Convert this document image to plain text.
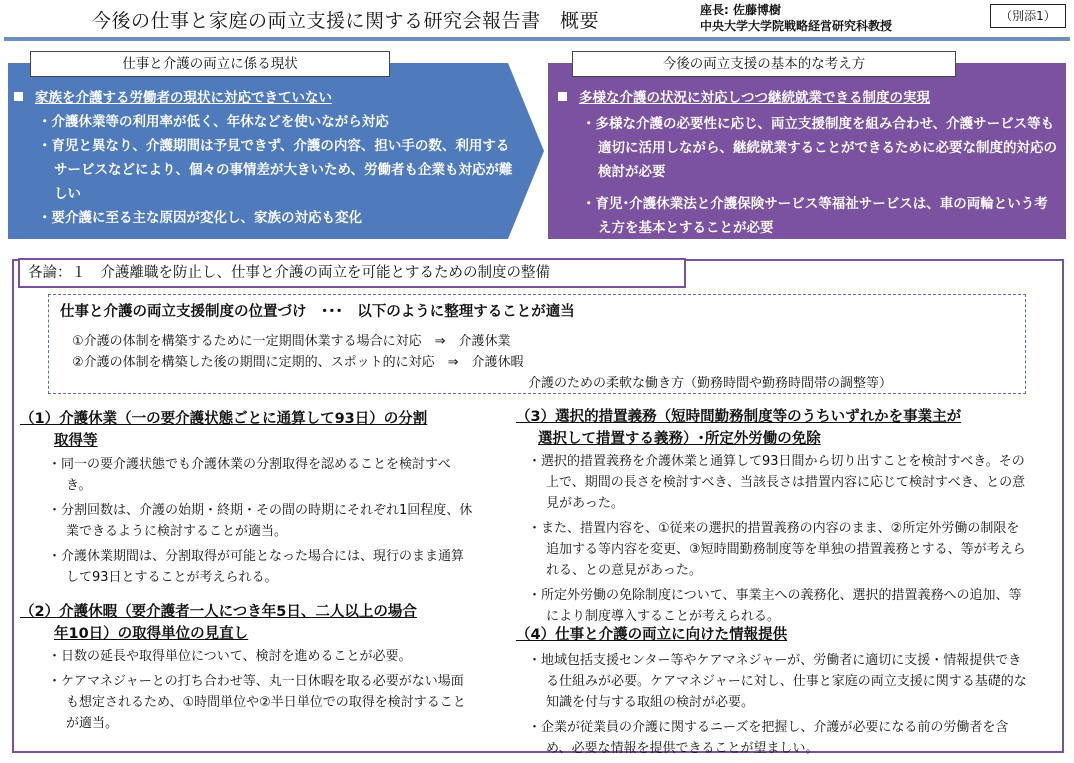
今後の仕事と家庭の両立支援に関する研究会報告書　概要	座長: 佐藤博樹
中央大学大学院戦略経営研究科教授
（別添1）
仕事と介護の両立に係る現状
家族を介護する労働者の現状に対応できていない
・ 介護休業等の利用率が低く、年休などを使いながら対応
・ 育児と異なり、介護期間は予見できず、介護の内容、担い手の数、利用するサービスなどにより、個々の事情差が大きいため、労働者も企業も対応が難しい
・ 要介護に至る主な原因が変化し、家族の対応も変化
今後の両立支援の基本的な考え方
多様な介護の状況に対応しつつ継続就業できる制度の実現
・ 多様な介護の必要性に応じ、両立支援制度を組み合わせ、介護サービス等も適切に活用しながら、継続就業することができるために必要な制度的対応の検討が必要
・ 育児･介護休業法と介護保険サービス等福祉サービスは、車の両輪という考え方を基本とすることが必要
各論：１　介護離職を防止し、仕事と介護の両立を可能とするための制度の整備
仕事と介護の両立支援制度の位置づけ　･･･　以下のように整理することが適当
①介護の体制を構築するために一定期間休業する場合に対応　⇒　介護休業
②介護の体制を構築した後の期間に定期的、スポット的に対応　⇒　介護休暇
介護のための柔軟な働き方（勤務時間や勤務時間帯の調整等）
（1）介護休業（一の要介護状態ごとに通算して93日）の分割
取得等

・ 同一の要介護状態でも介護休業の分割取得を認めることを検討すべき。

・ 分割回数は、介護の始期・終期・その間の時期にそれぞれ1回程度、休業できるように検討することが適当。

・ 介護休業期間は、分割取得が可能となった場合には、現行のまま通算して93日とすることが考えられる。

（2）介護休暇（要介護者一人につき年5日、二人以上の場合
年10日）の取得単位の見直し

・ 日数の延長や取得単位について、検討を進めることが必要。

・ ケアマネジャーとの打ち合わせ等、丸一日休暇を取る必要がない場面も想定されるため、①時間単位や②半日単位での取得を検討することが適当。

（3）選択的措置義務（短時間勤務制度等のうちいずれかを事業主が
選択して措置する義務）･所定外労働の免除

・ 選択的措置義務を介護休業と通算して93日間から切り出すことを検討すべき。その上で、期間の長さを検討すべき、当該長さは措置内容に応じて検討すべき、との意見があった。

・ また、措置内容を、①従来の選択的措置義務の内容のまま、②所定外労働の制限を追加する等内容を変更、③短時間勤務制度等を単独の措置義務とする、等が考えられる、との意見があった。

・ 所定外労働の免除制度について、事業主への義務化、選択的措置義務への追加、等により制度導入することが考えられる。

（4）仕事と介護の両立に向けた情報提供

・ 地域包括支援センター等やケアマネジャーが、労働者に適切に支援・情報提供できる仕組みが必要。ケアマネジャーに対し、仕事と家庭の両立支援に関する基礎的な知識を付与する取組の検討が必要。

・ 企業が従業員の介護に関するニーズを把握し、介護が必要になる前の労働者を含め、必要な情報を提供できることが望ましい。
